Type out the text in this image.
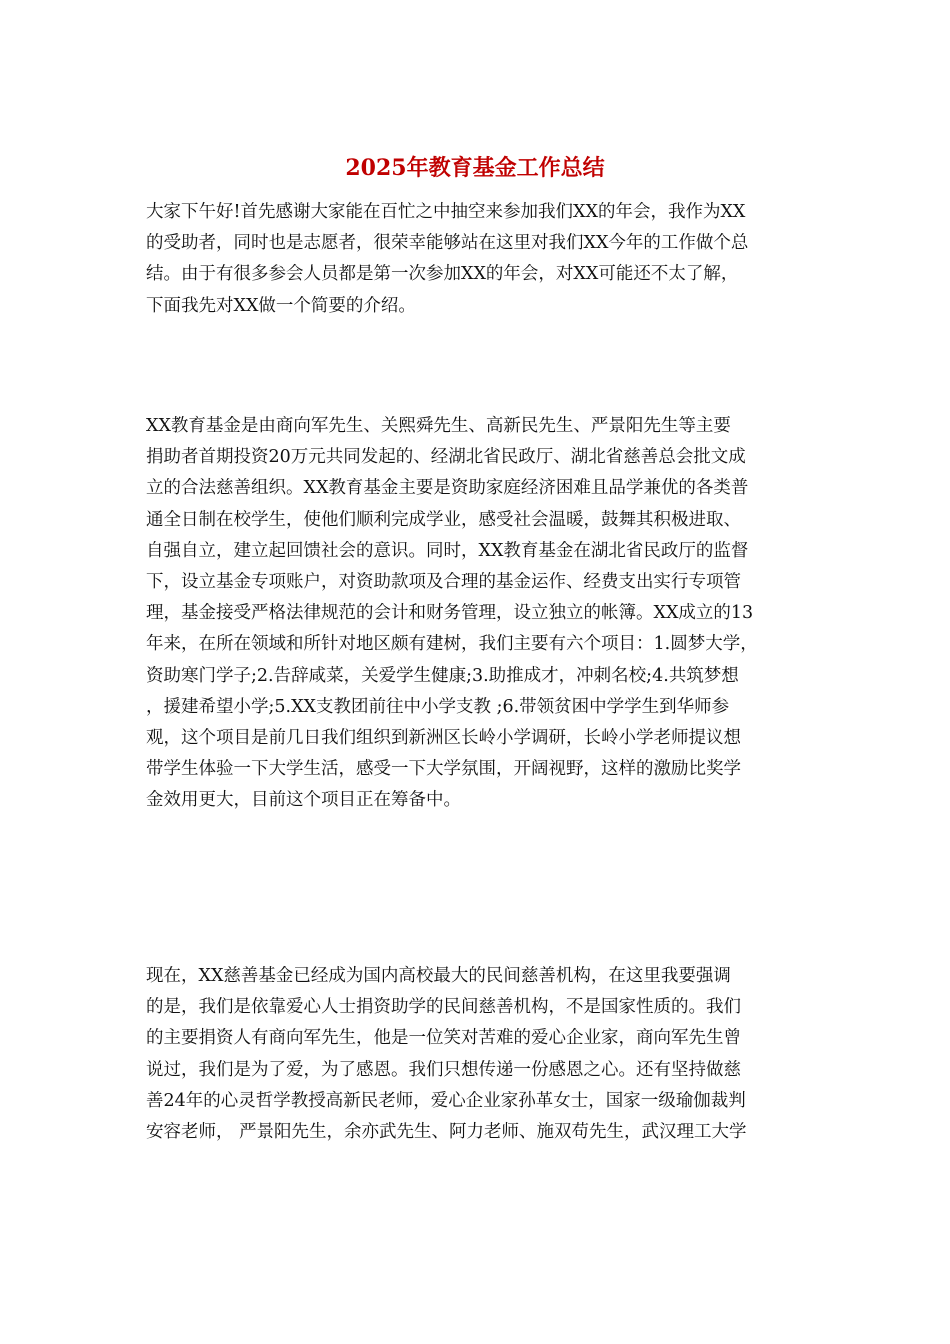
2025年教育基金工作总结
大家下午好!首先感谢大家能在百忙之中抽空来参加我们XX的年会，我作为XX
的受助者，同时也是志愿者，很荣幸能够站在这里对我们XX今年的工作做个总
结。由于有很多参会人员都是第一次参加XX的年会，对XX可能还不太了解，
下面我先对XX做一个简要的介绍。
XX教育基金是由商向军先生、关熙舜先生、高新民先生、严景阳先生等主要
捐助者首期投资20万元共同发起的、经湖北省民政厅、湖北省慈善总会批文成
立的合法慈善组织。XX教育基金主要是资助家庭经济困难且品学兼优的各类普
通全日制在校学生，使他们顺利完成学业，感受社会温暖，鼓舞其积极进取、
自强自立，建立起回馈社会的意识。同时，XX教育基金在湖北省民政厅的监督
下，设立基金专项账户，对资助款项及合理的基金运作、经费支出实行专项管
理，基金接受严格法律规范的会计和财务管理，设立独立的帐簿。XX成立的13
年来，在所在领域和所针对地区颇有建树，我们主要有六个项目：1.圆梦大学，
资助寒门学子;2.告辞咸菜，关爱学生健康;3.助推成才，冲刺名校;4.共筑梦想
，援建希望小学;5.XX支教团前往中小学支教 ;6.带领贫困中学学生到华师参
观，这个项目是前几日我们组织到新洲区长岭小学调研，长岭小学老师提议想
带学生体验一下大学生活，感受一下大学氛围，开阔视野，这样的激励比奖学
金效用更大，目前这个项目正在筹备中。
现在，XX慈善基金已经成为国内高校最大的民间慈善机构，在这里我要强调
的是，我们是依靠爱心人士捐资助学的民间慈善机构，不是国家性质的。我们
的主要捐资人有商向军先生，他是一位笑对苦难的爱心企业家，商向军先生曾
说过，我们是为了爱，为了感恩。我们只想传递一份感恩之心。还有坚持做慈
善24年的心灵哲学教授高新民老师，爱心企业家孙革女士，国家一级瑜伽裁判
安容老师， 严景阳先生，余亦武先生、阿力老师、施双苟先生，武汉理工大学
